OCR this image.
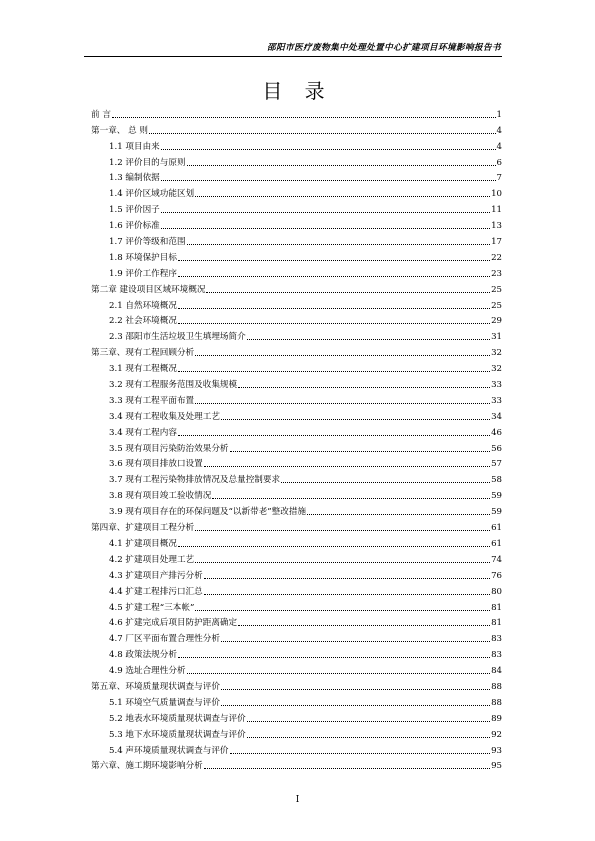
邵阳市医疗废物集中处理处置中心扩建项目环境影响报告书
目 录
前 言	1
第一章、 总 则	4
1.1 项目由来	4
1.2 评价目的与原则	6
1.3 编制依据	7
1.4 评价区域功能区划	10
1.5 评价因子	11
1.6 评价标准	13
1.7 评价等级和范围	17
1.8 环境保护目标	22
1.9 评价工作程序	23
第二章 建设项目区域环境概况	25
2.1 自然环境概况	25
2.2 社会环境概况	29
2.3 邵阳市生活垃圾卫生填埋场简介	31
第三章、现有工程回顾分析	32
3.1 现有工程概况	32
3.2 现有工程服务范围及收集规模	33
3.3 现有工程平面布置	33
3.4 现有工程收集及处理工艺	34
3.4 现有工程内容	46
3.5 现有项目污染防治效果分析	56
3.6 现有项目排放口设置	57
3.7 现有工程污染物排放情况及总量控制要求	58
3.8 现有项目竣工验收情况	59
3.9 现有项目存在的环保问题及“以新带老”整改措施	59
第四章、扩建项目工程分析	61
4.1 扩建项目概况	61
4.2 扩建项目处理工艺	74
4.3 扩建项目产排污分析	76
4.4 扩建工程排污口汇总	80
4.5 扩建工程“三本帐”	81
4.6 扩建完成后项目防护距离确定	81
4.7 厂区平面布置合理性分析	83
4.8 政策法规分析	83
4.9 选址合理性分析	84
第五章、环境质量现状调查与评价	88
5.1 环境空气质量调查与评价	88
5.2 地表水环境质量现状调查与评价	89
5.3 地下水环境质量现状调查与评价	92
5.4 声环境质量现状调查与评价	93
第六章、施工期环境影响分析	95
I
